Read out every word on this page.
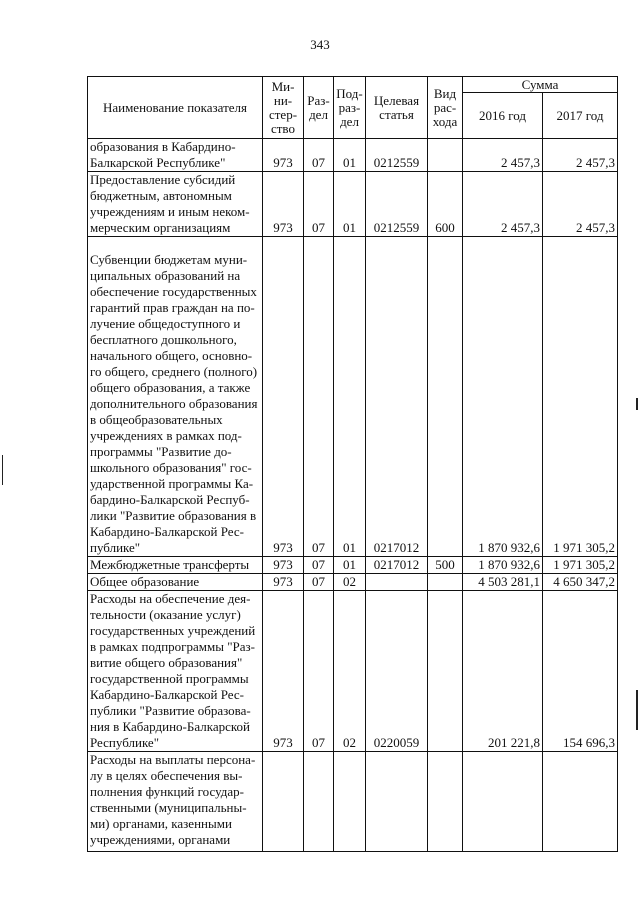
343
Наименование показателя	Ми-ни-стер-ство	Раз-дел	Под-раз-дел	Целевая статья	Вид рас-хода	Сумма	
						2016 год	2017 год
образования в Кабардино-Балкарской Республике"	973	07	01	0212559		2 457,3	2 457,3
Предоставление субсидий бюджетным, автономным учреждениям и иным неком-мерческим организациям	973	07	01	0212559	600	2 457,3	2 457,3
Субвенции бюджетам муни-ципальных образований на обеспечение государственных гарантий прав граждан на по-лучение общедоступного и бесплатного дошкольного, начального общего, основно-го общего, среднего (полного) общего образования, а также дополнительного образования в общеобразовательных учреждениях в рамках под-программы "Развитие до-школьного образования" гос-ударственной программы Ка-бардино-Балкарской Респуб-лики "Развитие образования в Кабардино-Балкарской Рес-публике"	973	07	01	0217012		1 870 932,6	1 971 305,2
Межбюджетные трансферты	973	07	01	0217012	500	1 870 932,6	1 971 305,2
Общее образование	973	07	02			4 503 281,1	4 650 347,2
Расходы на обеспечение дея-тельности (оказание услуг) государственных учреждений в рамках подпрограммы "Раз-витие общего образования" государственной программы Кабардино-Балкарской Рес-публики "Развитие образова-ния в Кабардино-Балкарской Республике"	973	07	02	0220059		201 221,8	154 696,3
Расходы на выплаты персона-лу в целях обеспечения вы-полнения функций государ-ственными (муниципальны-ми) органами, казенными учреждениями, органами							
